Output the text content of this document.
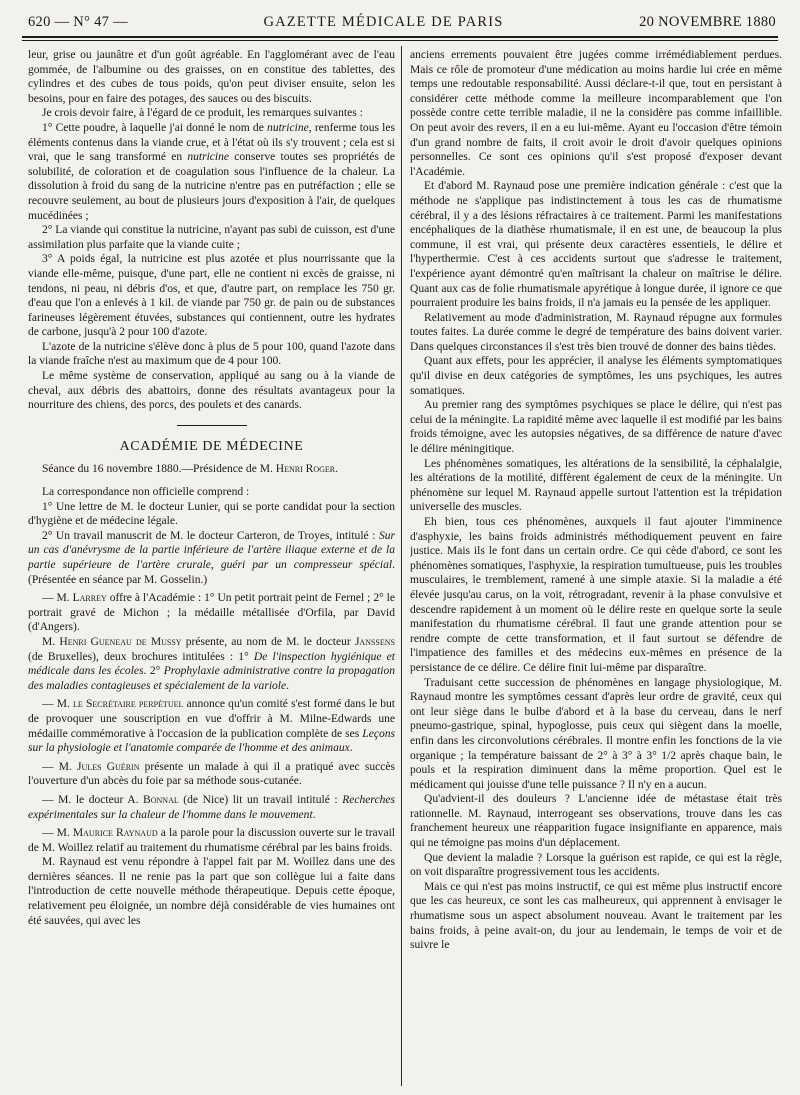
620 — N° 47 —	GAZETTE MÉDICALE DE PARIS	20 NOVEMBRE 1880

leur, grise ou jaunâtre et d'un goût agréable. En l'agglomérant avec de l'eau gommée, de l'albumine ou des graisses, on en constitue des tablettes, des cylindres et des cubes de tous poids, qu'on peut diviser ensuite, selon les besoins, pour en faire des potages, des sauces ou des biscuits.

Je crois devoir faire, à l'égard de ce produit, les remarques suivantes :

1° Cette poudre, à laquelle j'ai donné le nom de nutricine, renferme tous les éléments contenus dans la viande crue, et à l'état où ils s'y trouvent ; cela est si vrai, que le sang transformé en nutricine conserve toutes ses propriétés de solubilité, de coloration et de coagulation sous l'influence de la chaleur. La dissolution à froid du sang de la nutricine n'entre pas en putréfaction ; elle se recouvre seulement, au bout de plusieurs jours d'exposition à l'air, de quelques mucédinées ;

2° La viande qui constitue la nutricine, n'ayant pas subi de cuisson, est d'une assimilation plus parfaite que la viande cuite ;

3° A poids égal, la nutricine est plus azotée et plus nourrissante que la viande elle-même, puisque, d'une part, elle ne contient ni excès de graisse, ni tendons, ni peau, ni débris d'os, et que, d'autre part, on remplace les 750 gr. d'eau que l'on a enlevés à 1 kil. de viande par 750 gr. de pain ou de substances farineuses légèrement étuvées, substances qui contiennent, outre les hydrates de carbone, jusqu'à 2 pour 100 d'azote.

L'azote de la nutricine s'élève donc à plus de 5 pour 100, quand l'azote dans la viande fraîche n'est au maximum que de 4 pour 100.

Le même système de conservation, appliqué au sang ou à la viande de cheval, aux débris des abattoirs, donne des résultats avantageux pour la nourriture des chiens, des porcs, des poulets et des canards.

ACADÉMIE DE MÉDECINE

Séance du 16 novembre 1880.—Présidence de M. Henri Roger.

La correspondance non officielle comprend :

1° Une lettre de M. le docteur Lunier, qui se porte candidat pour la section d'hygiène et de médecine légale.

2° Un travail manuscrit de M. le docteur Carteron, de Troyes, intitulé : Sur un cas d'anévrysme de la partie inférieure de l'artère iliaque externe et de la partie supérieure de l'artère crurale, guéri par un compresseur spécial. (Présentée en séance par M. Gosselin.)

— M. Larrey offre à l'Académie : 1° Un petit portrait peint de Fernel ; 2° le portrait gravé de Michon ; la médaille métallisée d'Orfila, par David (d'Angers).

M. Henri Gueneau de Mussy présente, au nom de M. le docteur Janssens (de Bruxelles), deux brochures intitulées : 1° De l'inspection hygiénique et médicale dans les écoles. 2° Prophylaxie administrative contre la propagation des maladies contagieuses et spécialement de la variole.

— M. le Secrétaire perpétuel annonce qu'un comité s'est formé dans le but de provoquer une souscription en vue d'offrir à M. Milne-Edwards une médaille commémorative à l'occasion de la publication complète de ses Leçons sur la physiologie et l'anatomie comparée de l'homme et des animaux.

— M. Jules Guérin présente un malade à qui il a pratiqué avec succès l'ouverture d'un abcès du foie par sa méthode sous-cutanée.

— M. le docteur A. Bonnal (de Nice) lit un travail intitulé : Recherches expérimentales sur la chaleur de l'homme dans le mouvement.

— M. Maurice Raynaud a la parole pour la discussion ouverte sur le travail de M. Woillez relatif au traitement du rhumatisme cérébral par les bains froids.

M. Raynaud est venu répondre à l'appel fait par M. Woillez dans une des dernières séances. Il ne renie pas la part que son collègue lui a faite dans l'introduction de cette nouvelle méthode thérapeutique. Depuis cette époque, relativement peu éloignée, un nombre déjà considérable de vies humaines ont été sauvées, qui avec les

anciens errements pouvaient être jugées comme irrémédiablement perdues. Mais ce rôle de promoteur d'une médication au moins hardie lui crée en même temps une redoutable responsabilité. Aussi déclare-t-il que, tout en persistant à considérer cette méthode comme la meilleure incomparablement que l'on possède contre cette terrible maladie, il ne la considère pas comme infaillible. On peut avoir des revers, il en a eu lui-même. Ayant eu l'occasion d'être témoin d'un grand nombre de faits, il croit avoir le droit d'avoir quelques opinions personnelles. Ce sont ces opinions qu'il s'est proposé d'exposer devant l'Académie.

Et d'abord M. Raynaud pose une première indication générale : c'est que la méthode ne s'applique pas indistinctement à tous les cas de rhumatisme cérébral, il y a des lésions réfractaires à ce traitement. Parmi les manifestations encéphaliques de la diathèse rhumatismale, il en est une, de beaucoup la plus commune, il est vrai, qui présente deux caractères essentiels, le délire et l'hyperthermie. C'est à ces accidents surtout que s'adresse le traitement, l'expérience ayant démontré qu'en maîtrisant la chaleur on maîtrise le délire. Quant aux cas de folie rhumatismale apyrétique à longue durée, il ignore ce que pourraient produire les bains froids, il n'a jamais eu la pensée de les appliquer.

Relativement au mode d'administration, M. Raynaud répugne aux formules toutes faites. La durée comme le degré de température des bains doivent varier. Dans quelques circonstances il s'est très bien trouvé de donner des bains tièdes.

Quant aux effets, pour les apprécier, il analyse les éléments symptomatiques qu'il divise en deux catégories de symptômes, les uns psychiques, les autres somatiques.

Au premier rang des symptômes psychiques se place le délire, qui n'est pas celui de la méningite. La rapidité même avec laquelle il est modifié par les bains froids témoigne, avec les autopsies négatives, de sa différence de nature d'avec le délire méningitique.

Les phénomènes somatiques, les altérations de la sensibilité, la céphalalgie, les altérations de la motilité, diffèrent également de ceux de la méningite. Un phénomène sur lequel M. Raynaud appelle surtout l'attention est la trépidation universelle des muscles.

Eh bien, tous ces phénomènes, auxquels il faut ajouter l'imminence d'asphyxie, les bains froids administrés méthodiquement peuvent en faire justice. Mais ils le font dans un certain ordre. Ce qui cède d'abord, ce sont les phénomènes somatiques, l'asphyxie, la respiration tumultueuse, puis les troubles musculaires, le tremblement, ramené à une simple ataxie. Si la maladie a été élevée jusqu'au carus, on la voit, rétrogradant, revenir à la phase convulsive et descendre rapidement à un moment où le délire reste en quelque sorte la seule manifestation du rhumatisme cérébral. Il faut une grande attention pour se rendre compte de cette transformation, et il faut surtout se défendre de l'impatience des familles et des médecins eux-mêmes en présence de la persistance de ce délire. Ce délire finit lui-même par disparaître.

Traduisant cette succession de phénomènes en langage physiologique, M. Raynaud montre les symptômes cessant d'après leur ordre de gravité, ceux qui ont leur siège dans le bulbe d'abord et à la base du cerveau, dans le nerf pneumo-gastrique, spinal, hypoglosse, puis ceux qui siègent dans la moelle, enfin dans les circonvolutions cérébrales. Il montre enfin les fonctions de la vie organique ; la température baissant de 2° à 3° à 3° 1/2 après chaque bain, le pouls et la respiration diminuent dans la même proportion. Quel est le médicament qui jouisse d'une telle puissance ? Il n'y en a aucun.

Qu'advient-il des douleurs ? L'ancienne idée de métastase était très rationnelle. M. Raynaud, interrogeant ses observations, trouve dans les cas franchement heureux une réapparition fugace insignifiante en apparence, mais qui ne témoigne pas moins d'un déplacement.

Que devient la maladie ? Lorsque la guérison est rapide, ce qui est la règle, on voit disparaître progressivement tous les accidents.

Mais ce qui n'est pas moins instructif, ce qui est même plus instructif encore que les cas heureux, ce sont les cas malheureux, qui apprennent à envisager le rhumatisme sous un aspect absolument nouveau. Avant le traitement par les bains froids, à peine avait-on, du jour au lendemain, le temps de voir et de suivre le
